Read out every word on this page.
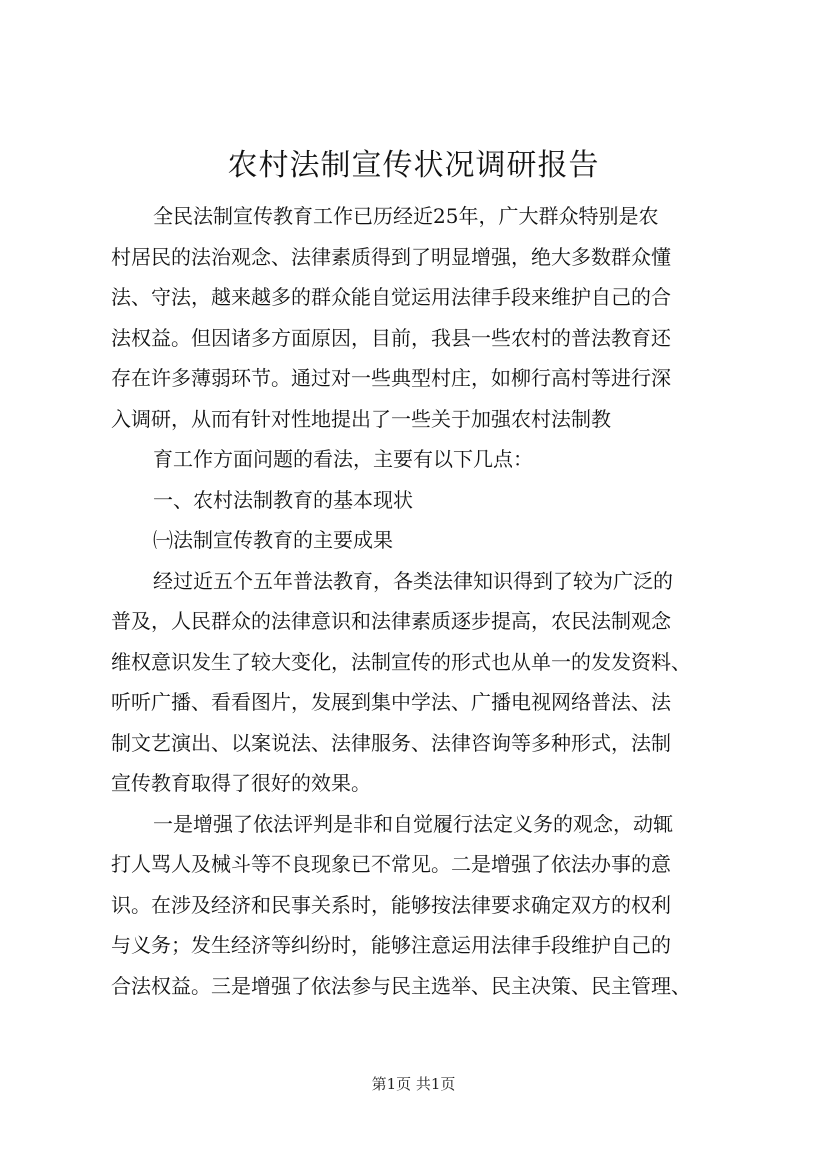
农村法制宣传状况调研报告
全民法制宣传教育工作已历经近25年，广大群众特别是农
村居民的法治观念、法律素质得到了明显增强，绝大多数群众懂
法、守法，越来越多的群众能自觉运用法律手段来维护自己的合
法权益。但因诸多方面原因，目前，我县一些农村的普法教育还
存在许多薄弱环节。通过对一些典型村庄，如柳行高村等进行深
入调研，从而有针对性地提出了一些关于加强农村法制教
育工作方面问题的看法，主要有以下几点：
一、农村法制教育的基本现状
㈠法制宣传教育的主要成果
经过近五个五年普法教育，各类法律知识得到了较为广泛的
普及，人民群众的法律意识和法律素质逐步提高，农民法制观念
维权意识发生了较大变化，法制宣传的形式也从单一的发发资料、
听听广播、看看图片，发展到集中学法、广播电视网络普法、法
制文艺演出、以案说法、法律服务、法律咨询等多种形式，法制
宣传教育取得了很好的效果。
一是增强了依法评判是非和自觉履行法定义务的观念，动辄
打人骂人及械斗等不良现象已不常见。二是增强了依法办事的意
识。在涉及经济和民事关系时，能够按法律要求确定双方的权利
与义务；发生经济等纠纷时，能够注意运用法律手段维护自己的
合法权益。三是增强了依法参与民主选举、民主决策、民主管理、
第1页 共1页
